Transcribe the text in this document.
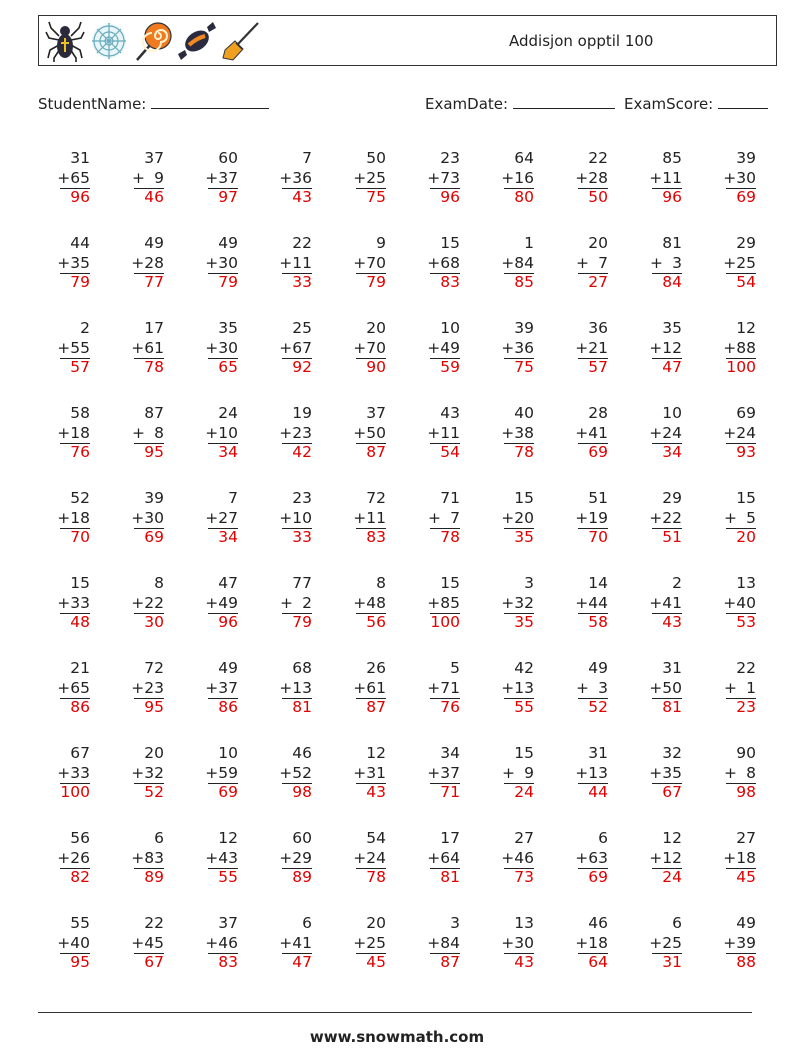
Addisjon opptil 100
StudentName:	ExamDate:	ExamScore:
31
+ 65
96
37
+ 9
46
60
+ 37
97
7
+ 36
43
50
+ 25
75
23
+ 73
96
64
+ 16
80
22
+ 28
50
85
+ 11
96
39
+ 30
69
44
+ 35
79
49
+ 28
77
49
+ 30
79
22
+ 11
33
9
+ 70
79
15
+ 68
83
1
+ 84
85
20
+ 7
27
81
+ 3
84
29
+ 25
54
2
+ 55
57
17
+ 61
78
35
+ 30
65
25
+ 67
92
20
+ 70
90
10
+ 49
59
39
+ 36
75
36
+ 21
57
35
+ 12
47
12
+ 88
100
58
+ 18
76
87
+ 8
95
24
+ 10
34
19
+ 23
42
37
+ 50
87
43
+ 11
54
40
+ 38
78
28
+ 41
69
10
+ 24
34
69
+ 24
93
52
+ 18
70
39
+ 30
69
7
+ 27
34
23
+ 10
33
72
+ 11
83
71
+ 7
78
15
+ 20
35
51
+ 19
70
29
+ 22
51
15
+ 5
20
15
+ 33
48
8
+ 22
30
47
+ 49
96
77
+ 2
79
8
+ 48
56
15
+ 85
100
3
+ 32
35
14
+ 44
58
2
+ 41
43
13
+ 40
53
21
+ 65
86
72
+ 23
95
49
+ 37
86
68
+ 13
81
26
+ 61
87
5
+ 71
76
42
+ 13
55
49
+ 3
52
31
+ 50
81
22
+ 1
23
67
+ 33
100
20
+ 32
52
10
+ 59
69
46
+ 52
98
12
+ 31
43
34
+ 37
71
15
+ 9
24
31
+ 13
44
32
+ 35
67
90
+ 8
98
56
+ 26
82
6
+ 83
89
12
+ 43
55
60
+ 29
89
54
+ 24
78
17
+ 64
81
27
+ 46
73
6
+ 63
69
12
+ 12
24
27
+ 18
45
55
+ 40
95
22
+ 45
67
37
+ 46
83
6
+ 41
47
20
+ 25
45
3
+ 84
87
13
+ 30
43
46
+ 18
64
6
+ 25
31
49
+ 39
88
www.snowmath.com
